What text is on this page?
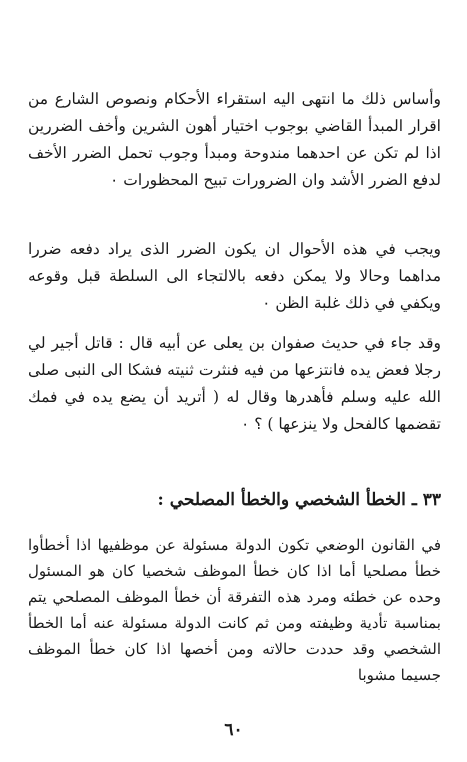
وأساس ذلك ما انتهى اليه استقراء الأحكام ونصوص الشارع من اقرار المبدأ القاضي بوجوب اختيار أهون الشرين وأخف الضررين اذا لم تكن عن احدهما مندوحة ومبدأ وجوب تحمل الضرر الأخف لدفع الضرر الأشد وان الضرورات تبيح المحظورات ٠

ويجب في هذه الأحوال ان يكون الضرر الذى يراد دفعه ضررا مداهما وحالا ولا يمكن دفعه بالالتجاء الى السلطة قبل وقوعه ويكفي في ذلك غلبة الظن ٠

وقد جاء في حديث صفوان بن يعلى عن أبيه قال : قاتل أجير لي رجلا فعض يده فانتزعها من فيه فنثرت ثنيته فشكا الى النبى صلى الله عليه وسلم فأهدرها وقال له ( أتريد أن يضع يده في فمك تقضمها كالفحل ولا ينزعها ) ؟ ٠

٣٣ ـ الخطأ الشخصي والخطأ المصلحي :

في القانون الوضعي تكون الدولة مسئولة عن موظفيها اذا أخطأوا خطأ مصلحيا أما اذا كان خطأ الموظف شخصيا كان هو المسئول وحده عن خطئه ومرد هذه التفرقة أن خطأ الموظف المصلحي يتم بمناسبة تأدية وظيفته ومن ثم كانت الدولة مسئولة عنه أما الخطأ الشخصي وقد حددت حالاته ومن أخصها اذا كان خطأ الموظف جسيما مشوبا

٦٠
